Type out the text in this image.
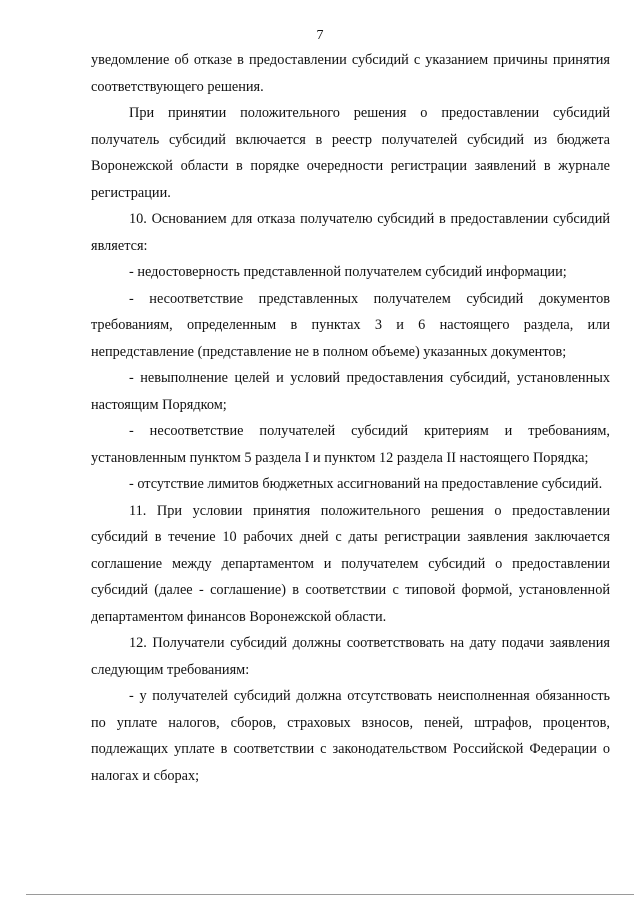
7

уведомление об отказе в предоставлении субсидий с указанием причины принятия соответствующего решения.

При принятии положительного решения о предоставлении субсидий получатель субсидий включается в реестр получателей субсидий из бюджета Воронежской области в порядке очередности регистрации заявлений в журнале регистрации.

10. Основанием для отказа получателю субсидий в предоставлении субсидий является:

- недостоверность представленной получателем субсидий информации;

- несоответствие представленных получателем субсидий документов требованиям, определенным в пунктах 3 и 6 настоящего раздела, или непредставление (представление не в полном объеме) указанных документов;

- невыполнение целей и условий предоставления субсидий, установленных настоящим Порядком;

- несоответствие получателей субсидий критериям и требованиям, установленным пунктом 5 раздела I и пунктом 12 раздела II настоящего Порядка;

- отсутствие лимитов бюджетных ассигнований на предоставление субсидий.

11. При условии принятия положительного решения о предоставлении субсидий в течение 10 рабочих дней с даты регистрации заявления заключается соглашение между департаментом и получателем субсидий о предоставлении субсидий (далее - соглашение) в соответствии с типовой формой, установленной департаментом финансов Воронежской области.

12. Получатели субсидий должны соответствовать на дату подачи заявления следующим требованиям:

- у получателей субсидий должна отсутствовать неисполненная обязанность по уплате налогов, сборов, страховых взносов, пеней, штрафов, процентов, подлежащих уплате в соответствии с законодательством Российской Федерации о налогах и сборах;
